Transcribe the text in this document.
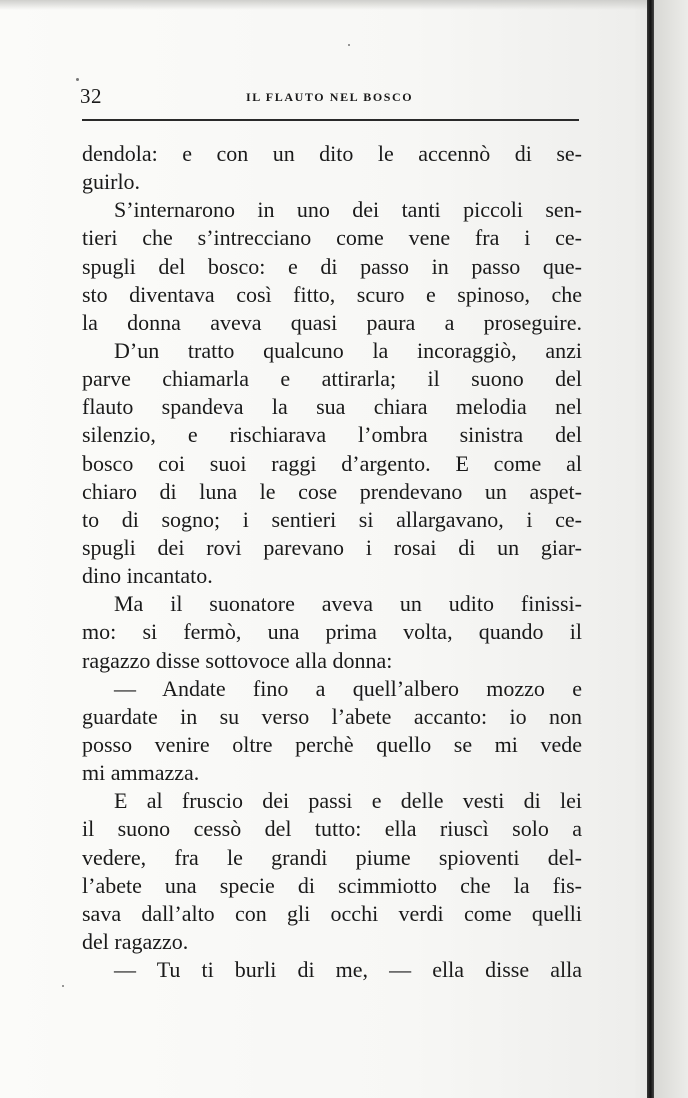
32	IL FLAUTO NEL BOSCO
dendola: e con un dito le accennò di se-
guirlo.
S’internarono in uno dei tanti piccoli sen-
tieri che s’intrecciano come vene fra i ce-
spugli del bosco: e di passo in passo que-
sto diventava così fitto, scuro e spinoso, che
la donna aveva quasi paura a proseguire.
D’un tratto qualcuno la incoraggiò, anzi
parve chiamarla e attirarla; il suono del
flauto spandeva la sua chiara melodia nel
silenzio, e rischiarava l’ombra sinistra del
bosco coi suoi raggi d’argento. E come al
chiaro di luna le cose prendevano un aspet-
to di sogno; i sentieri si allargavano, i ce-
spugli dei rovi parevano i rosai di un giar-
dino incantato.
Ma il suonatore aveva un udito finissi-
mo: si fermò, una prima volta, quando il
ragazzo disse sottovoce alla donna:
— Andate fino a quell’albero mozzo e
guardate in su verso l’abete accanto: io non
posso venire oltre perchè quello se mi vede
mi ammazza.
E al fruscio dei passi e delle vesti di lei
il suono cessò del tutto: ella riuscì solo a
vedere, fra le grandi piume spioventi del-
l’abete una specie di scimmiotto che la fis-
sava dall’alto con gli occhi verdi come quelli
del ragazzo.
— Tu ti burli di me, — ella disse alla
